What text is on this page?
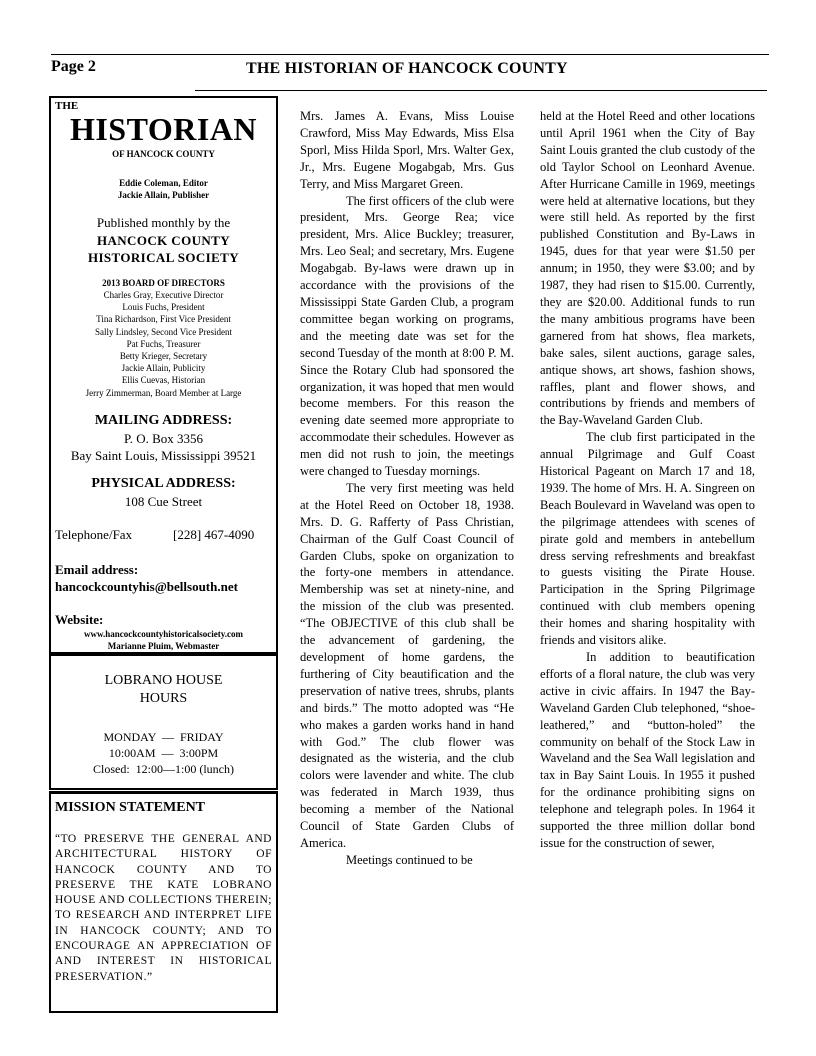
Page 2	THE HISTORIAN OF HANCOCK COUNTY
THE
HISTORIAN
OF HANCOCK COUNTY
Eddie Coleman, Editor
Jackie Allain, Publisher
Published monthly by the
HANCOCK COUNTY
HISTORICAL SOCIETY
2013 BOARD OF DIRECTORS
Charles Gray, Executive Director
Louis Fuchs, President
Tina Richardson, First Vice President
Sally Lindsley, Second Vice President
Pat Fuchs, Treasurer
Betty Krieger, Secretary
Jackie Allain, Publicity
Ellis Cuevas, Historian
Jerry Zimmerman, Board Member at Large
MAILING ADDRESS:
P. O. Box 3356
Bay Saint Louis, Mississippi 39521
PHYSICAL ADDRESS:
108 Cue Street
Telephone/Fax	[228] 467-4090
Email address:
hancockcountyhis@bellsouth.net
Website:
www.hancockcountyhistoricalsociety.com
Marianne Pluim, Webmaster
LOBRANO HOUSE
HOURS
MONDAY  —  FRIDAY
10:00AM  —  3:00PM
Closed:  12:00—1:00 (lunch)
MISSION STATEMENT
“TO PRESERVE THE GENERAL AND ARCHITECTURAL HISTORY OF HANCOCK COUNTY AND TO PRESERVE THE KATE LOBRANO HOUSE AND COLLECTIONS THEREIN; TO RESEARCH AND INTERPRET LIFE IN HANCOCK COUNTY; AND TO ENCOURAGE AN APPRECIATION OF AND INTEREST IN HISTORICAL PRESERVATION.”

Mrs. James A. Evans, Miss Louise Crawford, Miss May Edwards, Miss Elsa Sporl, Miss Hilda Sporl, Mrs. Walter Gex, Jr., Mrs. Eugene Mogabgab, Mrs. Gus Terry, and Miss Margaret Green.

The first officers of the club were president, Mrs. George Rea; vice president, Mrs. Alice Buckley; treasurer, Mrs. Leo Seal; and secretary, Mrs. Eugene Mogabgab. By-laws were drawn up in accordance with the provisions of the Mississippi State Garden Club, a program committee began working on programs, and the meeting date was set for the second Tuesday of the month at 8:00 P. M. Since the Rotary Club had sponsored the organization, it was hoped that men would become members. For this reason the evening date seemed more appropriate to accommodate their schedules. However as men did not rush to join, the meetings were changed to Tuesday mornings.

The very first meeting was held at the Hotel Reed on October 18, 1938. Mrs. D. G. Rafferty of Pass Christian, Chairman of the Gulf Coast Council of Garden Clubs, spoke on organization to the forty-one members in attendance. Membership was set at ninety-nine, and the mission of the club was presented. “The OBJECTIVE of this club shall be the advancement of gardening, the development of home gardens, the furthering of City beautification and the preservation of native trees, shrubs, plants and birds.” The motto adopted was “He who makes a garden works hand in hand with God.” The club flower was designated as the wisteria, and the club colors were lavender and white. The club was federated in March 1939, thus becoming a member of the National Council of State Garden Clubs of America.

Meetings continued to be

held at the Hotel Reed and other locations until April 1961 when the City of Bay Saint Louis granted the club custody of the old Taylor School on Leonhard Avenue. After Hurricane Camille in 1969, meetings were held at alternative locations, but they were still held. As reported by the first published Constitution and By-Laws in 1945, dues for that year were $1.50 per annum; in 1950, they were $3.00; and by 1987, they had risen to $15.00. Currently, they are $20.00. Additional funds to run the many ambitious programs have been garnered from hat shows, flea markets, bake sales, silent auctions, garage sales, antique shows, art shows, fashion shows, raffles, plant and flower shows, and contributions by friends and members of the Bay-Waveland Garden Club.

The club first participated in the annual Pilgrimage and Gulf Coast Historical Pageant on March 17 and 18, 1939. The home of Mrs. H. A. Singreen on Beach Boulevard in Waveland was open to the pilgrimage attendees with scenes of pirate gold and members in antebellum dress serving refreshments and breakfast to guests visiting the Pirate House. Participation in the Spring Pilgrimage continued with club members opening their homes and sharing hospitality with friends and visitors alike.

In addition to beautification efforts of a floral nature, the club was very active in civic affairs. In 1947 the Bay-Waveland Garden Club telephoned, “shoe-leathered,” and “button-holed” the community on behalf of the Stock Law in Waveland and the Sea Wall legislation and tax in Bay Saint Louis. In 1955 it pushed for the ordinance prohibiting signs on telephone and telegraph poles. In 1964 it supported the three million dollar bond issue for the construction of sewer,
